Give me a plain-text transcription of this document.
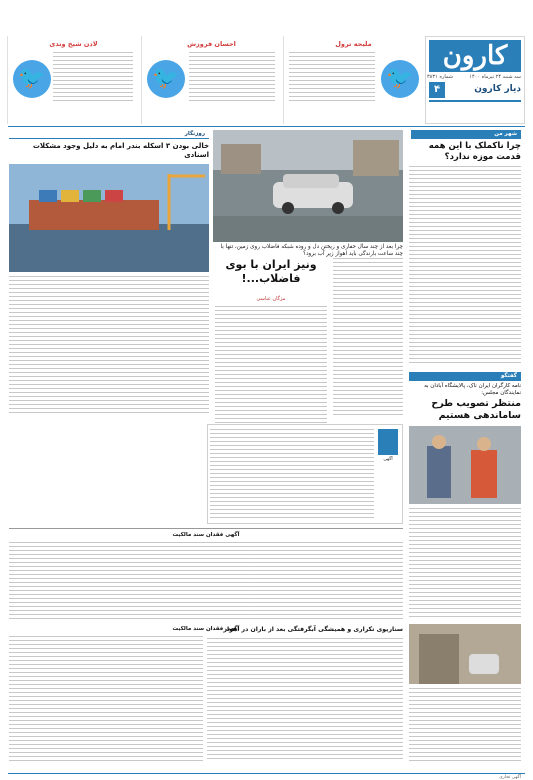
کارون
سه شنبه ۲۴ تیرماه ۱۴۰۰
شماره ۳۸۳۱
۴	دیار کارون
ملیحه ترول
🐦
احسان فروزش
🐦
لادن شیخ وندی
🐦
شهر من
چرا ناکملک با این همه قدمت موزه ندارد؟
چرا بعد از چند سال حفاری و ریختن دل و روده شبکه فاضلاب روی زمین، تنها با چند ساعت بارندگی باید اهواز زیر آب برود؟
روزنگار
خالی بودن ۳ اسکله بندر امام به دلیل وجود مشکلات اسنادی
ونیز ایران با بوی فاضلاب...!
مژگان عباسی
گفتگو
نامه کارگران ایران ناک، پالایشگاه آبادان به نمایندگان مجلس:
منتظر تصویب طرح ساماندهی هستیم
آگهی
آگهی فقدان سند مالکیت
آگهی فقدان سند مالکیت
سناریوی تکراری و همیشگی آبگرفتگی بعد از باران در اهواز
آگهی تجاری
